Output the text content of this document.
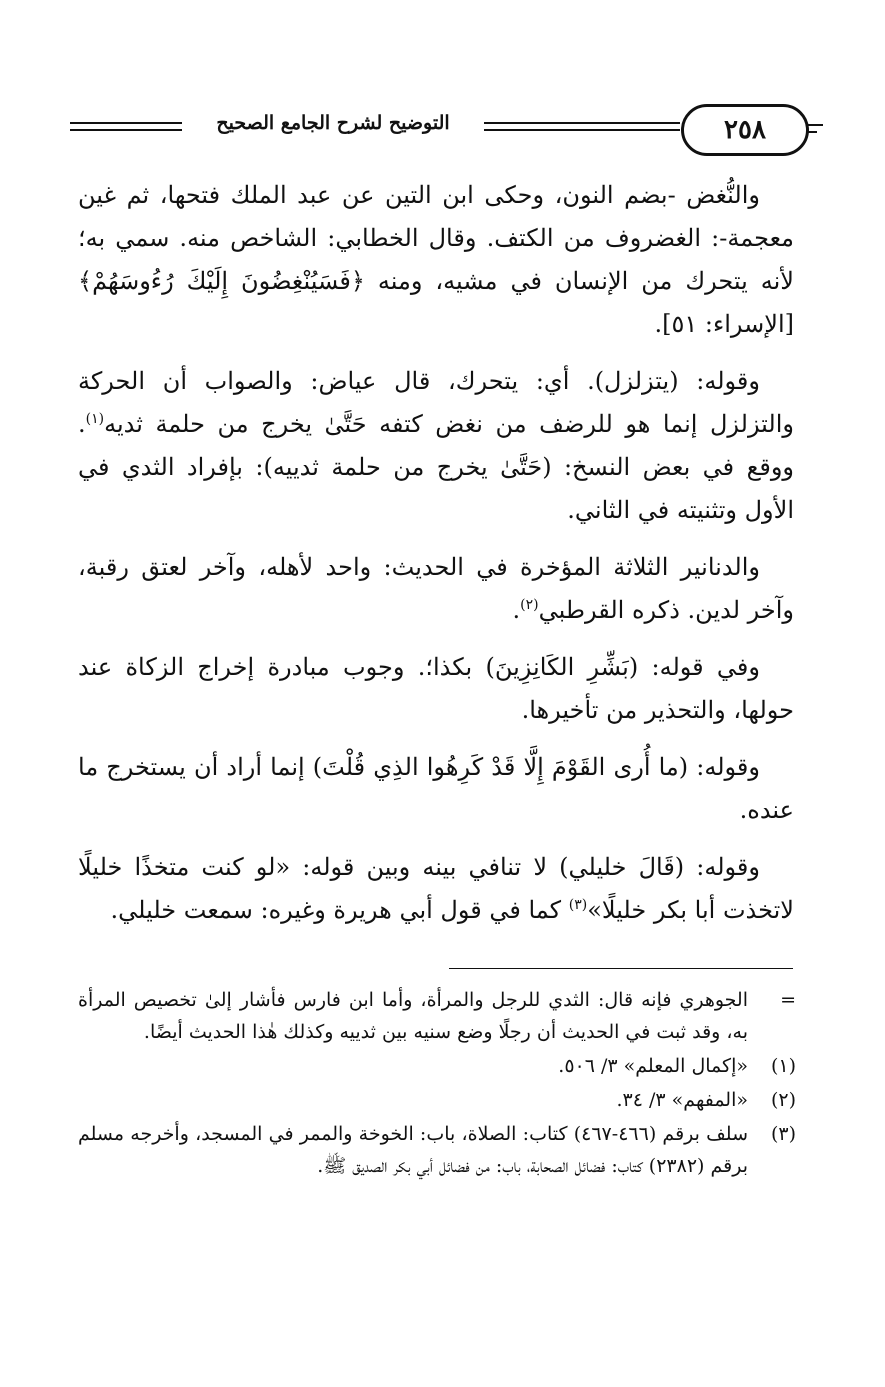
٢٥٨
التوضيح لشرح الجامع الصحيح

والنُّغض -بضم النون، وحكى ابن التين عن عبد الملك فتحها، ثم غين معجمة-: الغضروف من الكتف. وقال الخطابي: الشاخص منه. سمي به؛ لأنه يتحرك من الإنسان في مشيه، ومنه ﴿فَسَيُنْغِضُونَ إِلَيْكَ رُءُوسَهُمْ﴾ [الإسراء: ٥١].

وقوله: (يتزلزل). أي: يتحرك، قال عياض: والصواب أن الحركة والتزلزل إنما هو للرضف من نغض كتفه حَتَّىٰ يخرج من حلمة ثديه$^{(١)}$. ووقع في بعض النسخ: (حَتَّىٰ يخرج من حلمة ثدييه): بإفراد الثدي في الأول وتثنيته في الثاني.

والدنانير الثلاثة المؤخرة في الحديث: واحد لأهله، وآخر لعتق رقبة، وآخر لدين. ذكره القرطبي$^{(٢)}$.

وفي قوله: (بَشِّرِ الكَانِزِينَ) بكذا؛. وجوب مبادرة إخراج الزكاة عند حولها، والتحذير من تأخيرها.

وقوله: (ما أُرى القَوْمَ إِلَّا قَدْ كَرِهُوا الذِي قُلْتَ) إنما أراد أن يستخرج ما عنده.

وقوله: (قَالَ خليلي) لا تنافي بينه وبين قوله: «لو كنت متخذًا خليلًا لاتخذت أبا بكر خليلًا»$^{(٣)}$ كما في قول أبي هريرة وغيره: سمعت خليلي.

=
الجوهري فإنه قال: الثدي للرجل والمرأة، وأما ابن فارس فأشار إلىٰ تخصيص المرأة به، وقد ثبت في الحديث أن رجلًا وضع سنيه بين ثدييه وكذلك هٰذا الحديث أيضًا.
(١)
«إكمال المعلم» ٣/ ٥٠٦.
(٢)
«المفهم» ٣/ ٣٤.
(٣)
سلف برقم (٤٦٦-٤٦٧) كتاب: الصلاة، باب: الخوخة والممر في المسجد، وأخرجه مسلم برقم (٢٣٨٢) كتاب: فضائل الصحابة، باب: من فضائل أبي بكر الصديق ﷺ.
